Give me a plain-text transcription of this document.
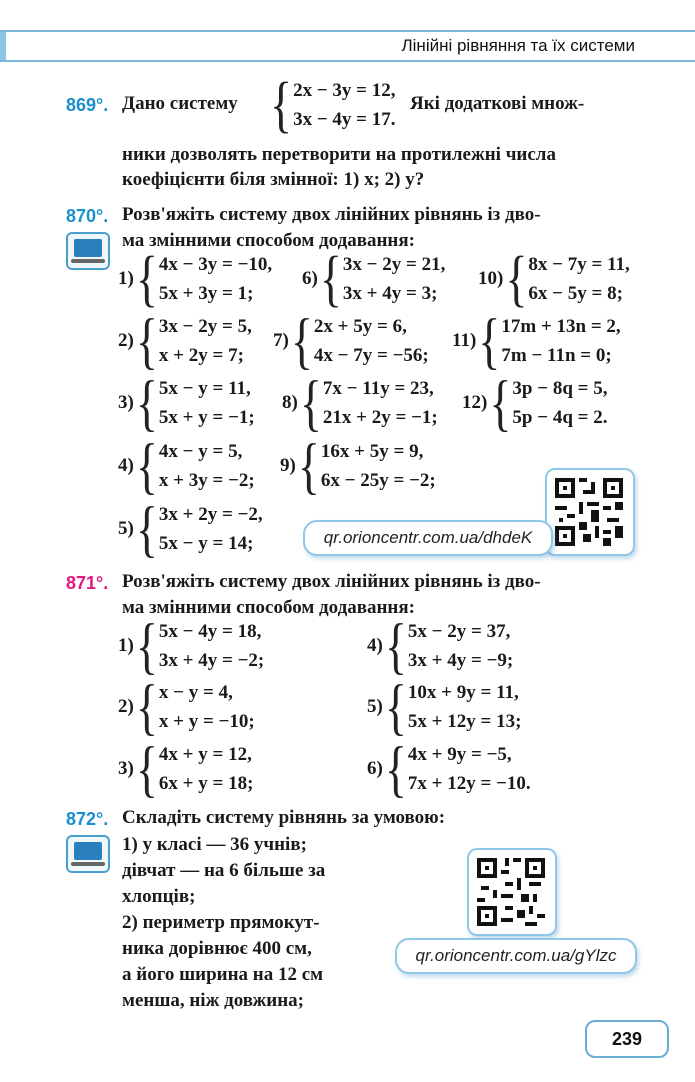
Лінійні рівняння та їх системи
869°. Дано систему { 2x − 3y = 12,
3x − 4y = 17.
Які додаткові множ-
ники дозволять перетворити на протилежні числа
коефіцієнти біля змінної: 1) x; 2) y?
870°. Розв'яжіть систему двох лінійних рівнянь із дво-
ма змінними способом додавання:
1) { 4x − 3y = −10,
5x + 3y = 1;
2) { 3x − 2y = 5,
x + 2y = 7;
3) { 5x − y = 11,
5x + y = −1;
4) { 4x − y = 5,
x + 3y = −2;
5) { 3x + 2y = −2,
5x − y = 14;
6) { 3x − 2y = 21,
3x + 4y = 3;
7) { 2x + 5y = 6,
4x − 7y = −56;
8) { 7x − 11y = 23,
21x + 2y = −1;
9) { 16x + 5y = 9,
6x − 25y = −2;
10) { 8x − 7y = 11,
6x − 5y = 8;
11) { 17m + 13n = 2,
7m − 11n = 0;
12) { 3p − 8q = 5,
5p − 4q = 2.
qr.orioncentr.com.ua/dhdeK
871°. Розв'яжіть систему двох лінійних рівнянь із дво-
ма змінними способом додавання:
1) { 5x − 4y = 18,
3x + 4y = −2;
2) { x − y = 4,
x + y = −10;
3) { 4x + y = 12,
6x + y = 18;
4) { 5x − 2y = 37,
3x + 4y = −9;
5) { 10x + 9y = 11,
5x + 12y = 13;
6) { 4x + 9y = −5,
7x + 12y = −10.
872°. Складіть систему рівнянь за умовою:
1) у класі — 36 учнів;
дівчат — на 6 більше за
хлопців;
2) периметр прямокут-
ника дорівнює 400 см,
а його ширина на 12 см
менша, ніж довжина;
qr.orioncentr.com.ua/gYlzc
239
